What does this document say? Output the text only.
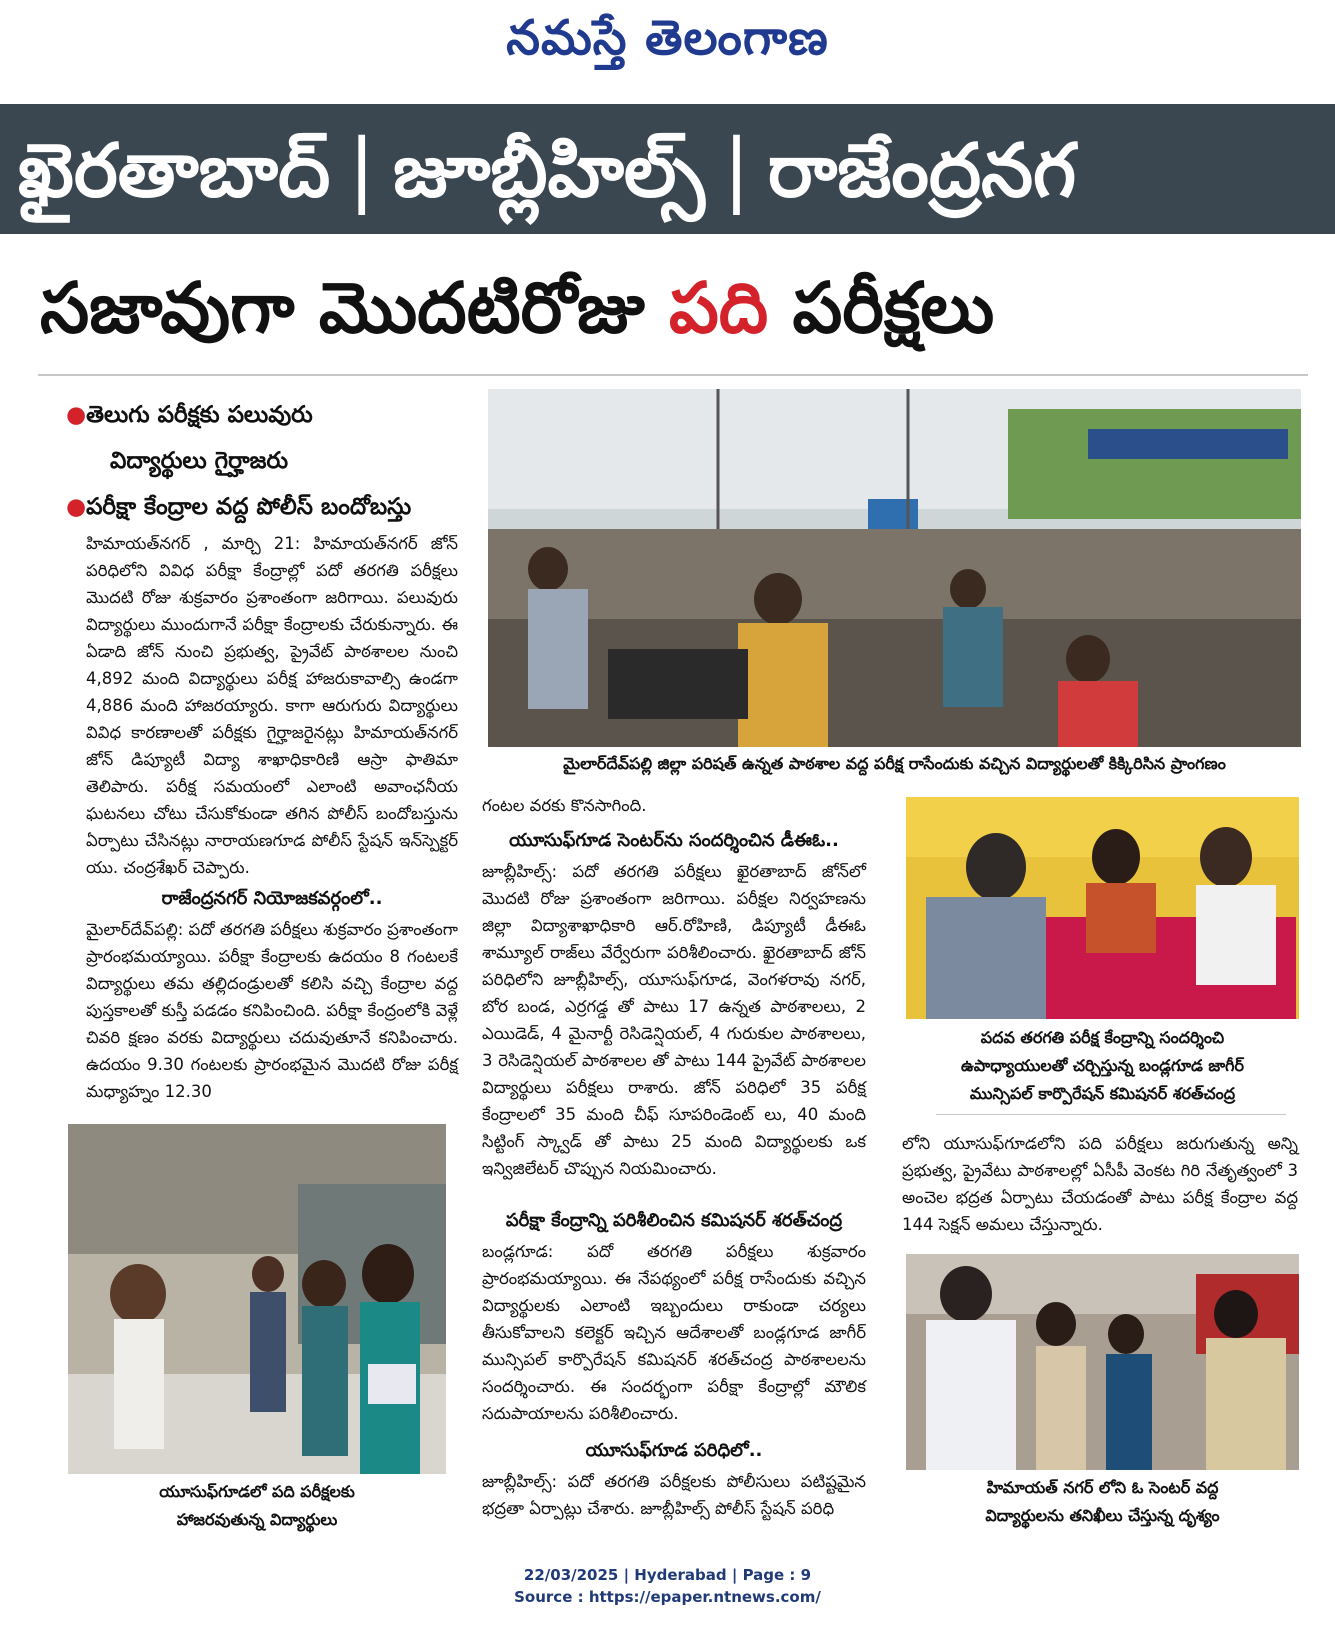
నమస్తే తెలంగాణ
ఖైరతాబాద్ | జూబ్లీహిల్స్ | రాజేంద్రనగ
సజావుగా మొదటిరోజు పది పరీక్షలు
●తెలుగు పరీక్షకు పలువురు
విద్యార్థులు గైర్హాజరు
●పరీక్షా కేంద్రాల వద్ద పోలీస్ బందోబస్తు
హిమాయత్‌నగర్ , మార్చి 21: హిమాయత్‌నగర్ జోన్ పరిధిలోని వివిధ పరీక్షా కేంద్రాల్లో పదో తరగతి పరీక్షలు మొదటి రోజు శుక్రవారం ప్రశాంతంగా జరిగాయి. పలువురు విద్యార్థులు ముందుగానే పరీక్షా కేంద్రాలకు చేరుకున్నారు. ఈ ఏడాది జోన్ నుంచి ప్రభుత్వ, ప్రైవేట్ పాఠశాలల నుంచి 4,892 మంది విద్యార్థులు పరీక్ష హాజరుకావాల్సి ఉండగా 4,886 మంది హాజరయ్యారు. కాగా ఆరుగురు విద్యార్థులు వివిధ కారణాలతో పరీక్షకు గైర్హాజరైనట్లు హిమాయత్‌నగర్ జోన్ డిప్యూటీ విద్యా శాఖాధికారిణి ఆస్రా ఫాతిమా తెలిపారు. పరీక్ష సమయంలో ఎలాంటి అవాంఛనీయ ఘటనలు చోటు చేసుకోకుండా తగిన పోలీస్ బందోబస్తును ఏర్పాటు చేసినట్లు నారాయణగూడ పోలీస్ స్టేషన్ ఇన్‌స్పెక్టర్ యు. చంద్రశేఖర్ చెప్పారు.
రాజేంద్రనగర్ నియోజకవర్గంలో..
మైలార్‌దేవ్‌పల్లి: పదో తరగతి పరీక్షలు శుక్రవారం ప్రశాంతంగా ప్రారంభమయ్యాయి. పరీక్షా కేంద్రాలకు ఉదయం 8 గంటలకే విద్యార్థులు తమ తల్లిదండ్రులతో కలిసి వచ్చి కేంద్రాల వద్ద పుస్తకాలతో కుస్తీ పడడం కనిపించింది. పరీక్షా కేంద్రంలోకి వెళ్లే చివరి క్షణం వరకు విద్యార్థులు చదువుతూనే కనిపించారు. ఉదయం 9.30 గంటలకు ప్రారంభమైన మొదటి రోజు పరీక్ష మధ్యాహ్నం 12.30
యూసుఫ్‌గూడలో పది పరీక్షలకు
హాజరవుతున్న విద్యార్థులు
మైలార్‌దేవ్‌పల్లి జిల్లా పరిషత్ ఉన్నత పాఠశాల వద్ద పరీక్ష రాసేందుకు వచ్చిన విద్యార్థులతో కిక్కిరిసిన ప్రాంగణం
గంటల వరకు కొనసాగింది.
యూసుఫ్‌గూడ సెంటర్‌ను సందర్శించిన డీఈఓ..
జూబ్లీహిల్స్: పదో తరగతి పరీక్షలు ఖైరతాబాద్ జోన్‌లో మొదటి రోజు ప్రశాంతంగా జరిగాయి. పరీక్షల నిర్వహణను జిల్లా విద్యాశాఖాధికారి ఆర్.రోహిణి, డిప్యూటీ డీఈఓ శామ్యూల్ రాజ్‌లు వేర్వేరుగా పరిశీలించారు. ఖైరతాబాద్ జోన్ పరిధిలోని జూబ్లీహిల్స్, యూసుఫ్‌గూడ, వెంగళరావు నగర్, బోర బండ, ఎర్రగడ్డ తో పాటు 17 ఉన్నత పాఠశాలలు, 2 ఎయిడెడ్, 4 మైనార్టీ రెసిడెన్షియల్, 4 గురుకుల పాఠశాలలు, 3 రెసిడెన్షియల్ పాఠశాలల తో పాటు 144 ప్రైవేట్ పాఠశాలల విద్యార్థులు పరీక్షలు రాశారు. జోన్ పరిధిలో 35 పరీక్ష కేంద్రాలలో 35 మంది చీఫ్ సూపరిండెంట్ లు, 40 మంది సిట్టింగ్ స్క్వాడ్ తో పాటు 25 మంది విద్యార్థులకు ఒక ఇన్విజిలేటర్ చొప్పున నియమించారు.
పరీక్షా కేంద్రాన్ని పరిశీలించిన కమిషనర్ శరత్‌చంద్ర
బండ్లగూడ: పదో తరగతి పరీక్షలు శుక్రవారం ప్రారంభమయ్యాయి. ఈ నేపథ్యంలో పరీక్ష రాసేందుకు వచ్చిన విద్యార్థులకు ఎలాంటి ఇబ్బందులు రాకుండా చర్యలు తీసుకోవాలని కలెక్టర్ ఇచ్చిన ఆదేశాలతో బండ్లగూడ జాగీర్ మున్సిపల్ కార్పొరేషన్ కమిషనర్ శరత్‌చంద్ర పాఠశాలలను సందర్శించారు. ఈ సందర్భంగా పరీక్షా కేంద్రాల్లో మౌలిక సదుపాయాలను పరిశీలించారు.
యూసుఫ్‌గూడ పరిధిలో..
జూబ్లీహిల్స్: పదో తరగతి పరీక్షలకు పోలీసులు పటిష్టమైన భద్రతా ఏర్పాట్లు చేశారు. జూబ్లీహిల్స్ పోలీస్ స్టేషన్ పరిధి
పదవ తరగతి పరీక్ష కేంద్రాన్ని సందర్శించి
ఉపాధ్యాయులతో చర్చిస్తున్న బండ్లగూడ జాగీర్
మున్సిపల్ కార్పొరేషన్ కమిషనర్ శరత్‌చంద్ర
లోని యూసుఫ్‌గూడలోని పది పరీక్షలు జరుగుతున్న అన్ని ప్రభుత్వ, ప్రైవేటు పాఠశాలల్లో ఏసీపీ వెంకట గిరి నేతృత్వంలో 3 అంచెల భద్రత ఏర్పాటు చేయడంతో పాటు పరీక్ష కేంద్రాల వద్ద 144 సెక్షన్ అమలు చేస్తున్నారు.
హిమాయత్ నగర్ లోని ఓ సెంటర్ వద్ద
విద్యార్థులను తనిఖీలు చేస్తున్న దృశ్యం
22/03/2025 | Hyderabad | Page : 9
Source : https://epaper.ntnews.com/
